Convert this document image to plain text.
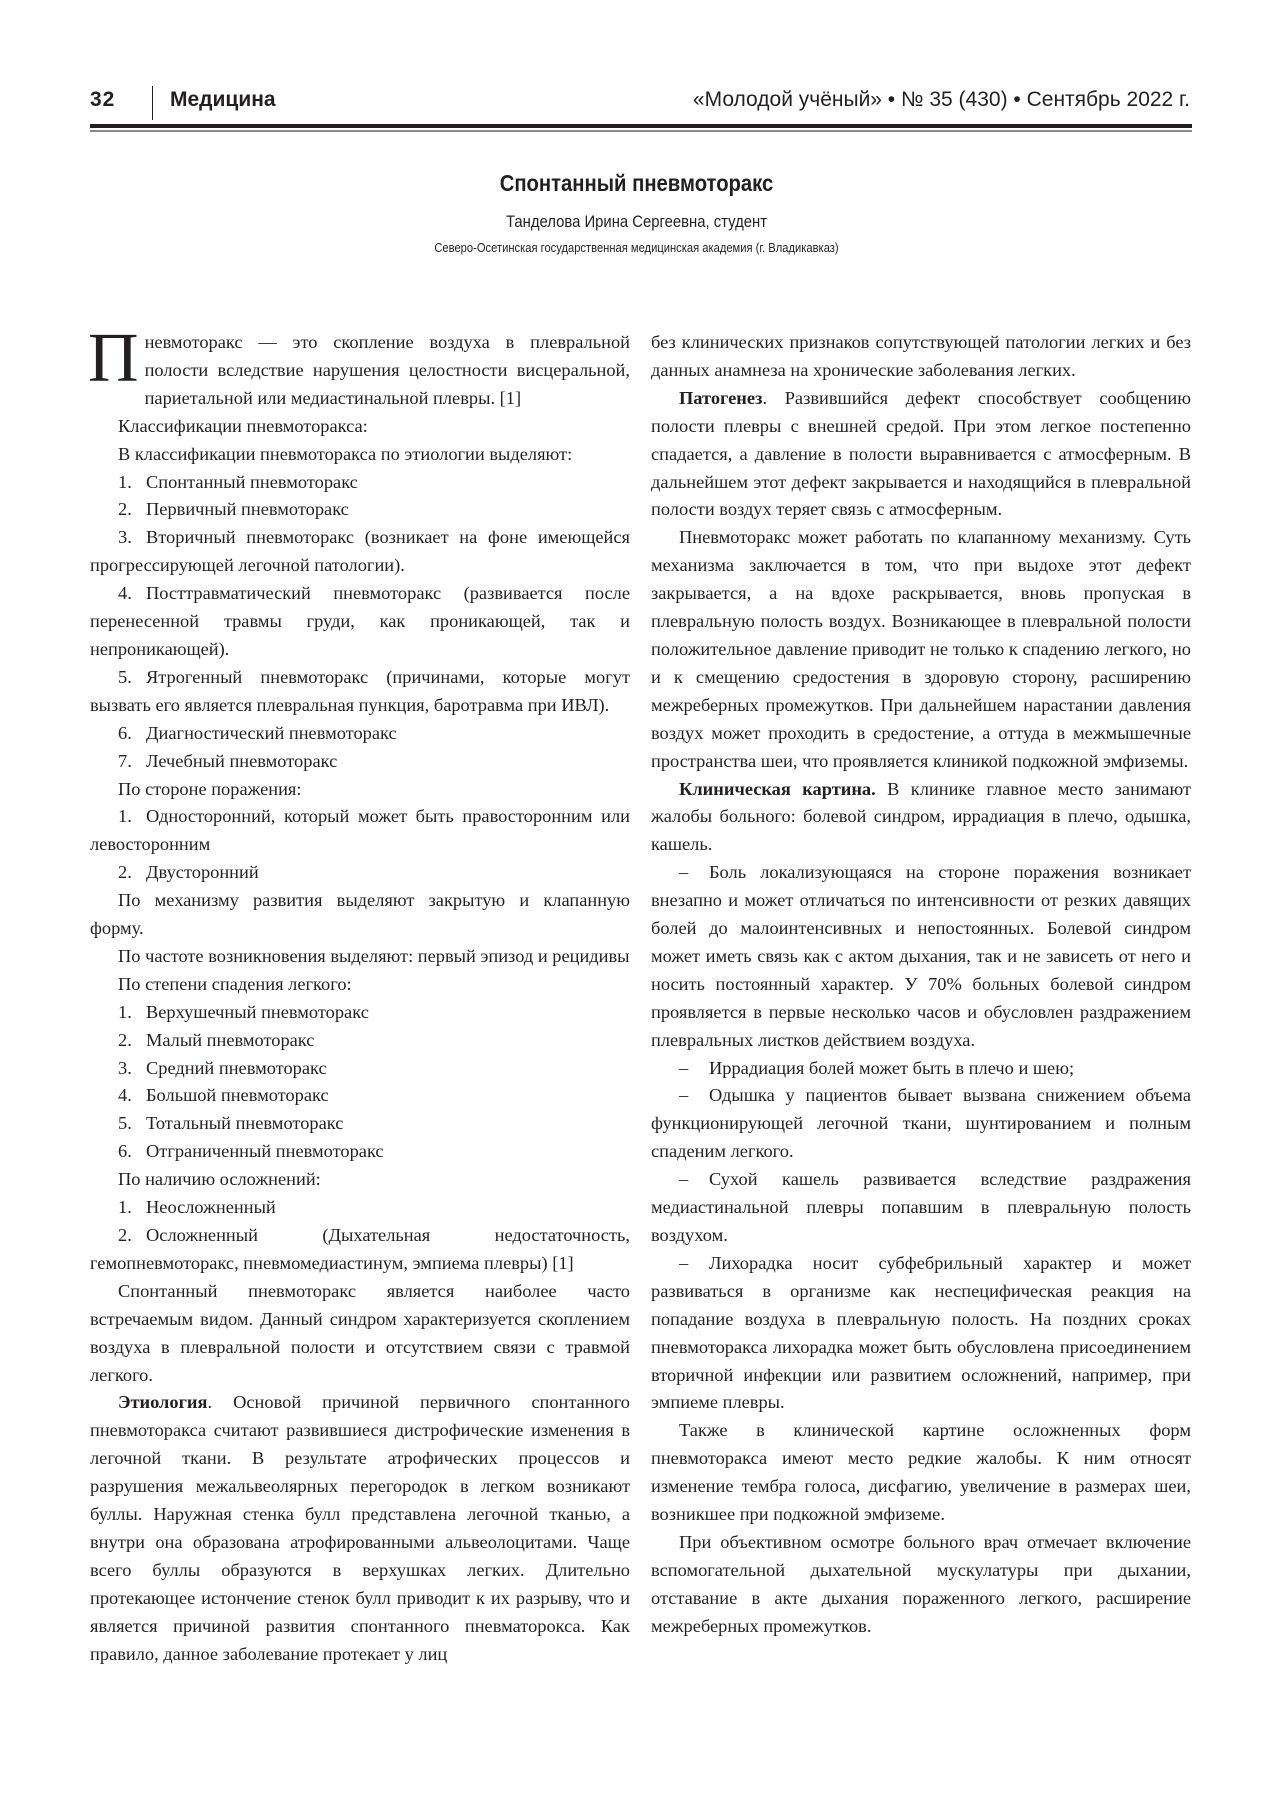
32	Медицина	«Молодой учёный» • № 35 (430) • Сентябрь 2022 г.
Спонтанный пневмоторакс
Танделова Ирина Сергеевна, студент
Северо-Осетинская государственная медицинская академия (г. Владикавказ)

Пневмоторакс — это скопление воздуха в плевральной полости вследствие нарушения целостности висцеральной, париетальной или медиастинальной плевры. [1]

Классификации пневмоторакса:

В классификации пневмоторакса по этиологии выделяют:

1. Спонтанный пневмоторакс

2. Первичный пневмоторакс

3. Вторичный пневмоторакс (возникает на фоне имеющейся прогрессирующей легочной патологии).

4. Посттравматический пневмоторакс (развивается после перенесенной травмы груди, как проникающей, так и непроникающей).

5. Ятрогенный пневмоторакс (причинами, которые могут вызвать его является плевральная пункция, баротравма при ИВЛ).

6. Диагностический пневмоторакс

7. Лечебный пневмоторакс

По стороне поражения:

1. Односторонний, который может быть правосторонним или левосторонним

2. Двусторонний

По механизму развития выделяют закрытую и клапанную форму.

По частоте возникновения выделяют: первый эпизод и рецидивы

По степени спадения легкого:

1. Верхушечный пневмоторакс

2. Малый пневмоторакс

3. Средний пневмоторакс

4. Большой пневмоторакс

5. Тотальный пневмоторакс

6. Отграниченный пневмоторакс

По наличию осложнений:

1. Неосложненный

2. Осложненный (Дыхательная недостаточность, гемопневмоторакс, пневмомедиастинум, эмпиема плевры) [1]

Спонтанный пневмоторакс является наиболее часто встречаемым видом. Данный синдром характеризуется скоплением воздуха в плевральной полости и отсутствием связи с травмой легкого.

Этиология. Основой причиной первичного спонтанного пневмоторакса считают развившиеся дистрофические изменения в легочной ткани. В результате атрофических процессов и разрушения межальвеолярных перегородок в легком возникают буллы. Наружная стенка булл представлена легочной тканью, а внутри она образована атрофированными альвеолоцитами. Чаще всего буллы образуются в верхушках легких. Длительно протекающее истончение стенок булл приводит к их разрыву, что и является причиной развития спонтанного пневматорокса. Как правило, данное заболевание протекает у лиц

без клинических признаков сопутствующей патологии легких и без данных анамнеза на хронические заболевания легких.

Патогенез. Развившийся дефект способствует сообщению полости плевры с внешней средой. При этом легкое постепенно спадается, а давление в полости выравнивается с атмосферным. В дальнейшем этот дефект закрывается и находящийся в плевральной полости воздух теряет связь с атмосферным.

Пневмоторакс может работать по клапанному механизму. Суть механизма заключается в том, что при выдохе этот дефект закрывается, а на вдохе раскрывается, вновь пропуская в плевральную полость воздух. Возникающее в плевральной полости положительное давление приводит не только к спадению легкого, но и к смещению средостения в здоровую сторону, расширению межреберных промежутков. При дальнейшем нарастании давления воздух может проходить в средостение, а оттуда в межмышечные пространства шеи, что проявляется клиникой подкожной эмфиземы.

Клиническая картина. В клинике главное место занимают жалобы больного: болевой синдром, иррадиация в плечо, одышка, кашель.

– Боль локализующаяся на стороне поражения возникает внезапно и может отличаться по интенсивности от резких давящих болей до малоинтенсивных и непостоянных. Болевой синдром может иметь связь как с актом дыхания, так и не зависеть от него и носить постоянный характер. У 70% больных болевой синдром проявляется в первые несколько часов и обусловлен раздражением плевральных листков действием воздуха.

– Иррадиация болей может быть в плечо и шею;

– Одышка у пациентов бывает вызвана снижением объема функционирующей легочной ткани, шунтированием и полным спаденим легкого.

– Сухой кашель развивается вследствие раздражения медиастинальной плевры попавшим в плевральную полость воздухом.

– Лихорадка носит субфебрильный характер и может развиваться в организме как неспецифическая реакция на попадание воздуха в плевральную полость. На поздних сроках пневмоторакса лихорадка может быть обусловлена присоединением вторичной инфекции или развитием осложнений, например, при эмпиеме плевры.

Также в клинической картине осложненных форм пневмоторакса имеют место редкие жалобы. К ним относят изменение тембра голоса, дисфагию, увеличение в размерах шеи, возникшее при подкожной эмфиземе.

При объективном осмотре больного врач отмечает включение вспомогательной дыхательной мускулатуры при дыхании, отставание в акте дыхания пораженного легкого, расширение межреберных промежутков.
